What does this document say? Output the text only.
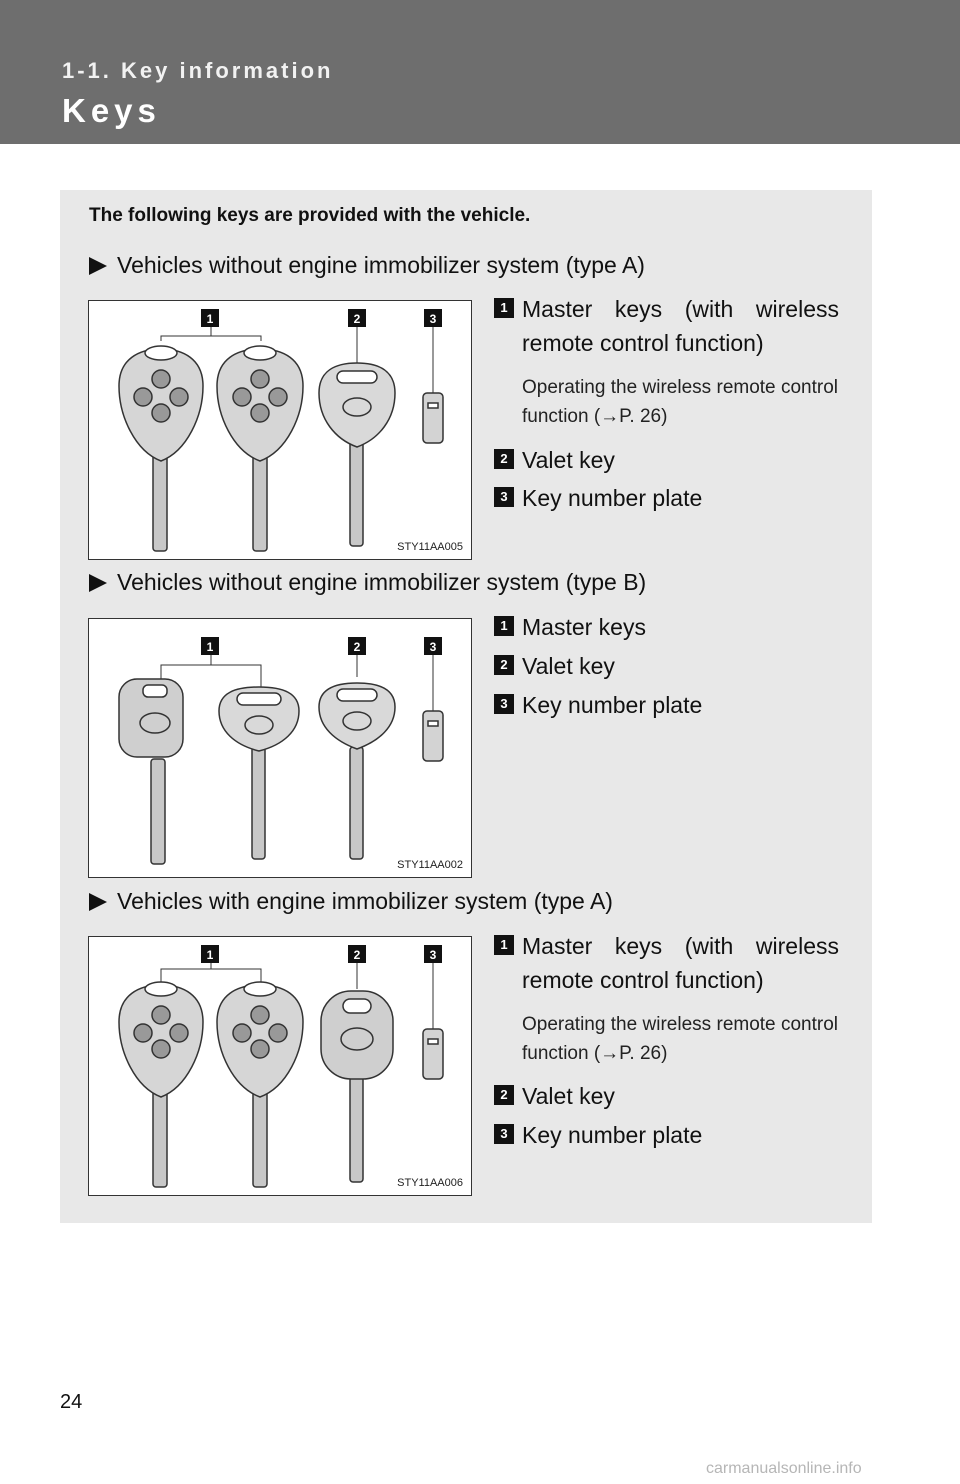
1-1. Key information
Keys
The following keys are provided with the vehicle.
Vehicles without engine immobilizer system (type A)
1	2	3
STY11AA005
1 Master keys (with wireless remote control function)
Operating the wireless remote control function (→P. 26)
2 Valet key
3 Key number plate
Vehicles without engine immobilizer system (type B)
1	2	3
STY11AA002
1 Master keys
2 Valet key
3 Key number plate
Vehicles with engine immobilizer system (type A)
1	2	3
STY11AA006
1 Master keys (with wireless remote control function)
Operating the wireless remote control function (→P. 26)
2 Valet key
3 Key number plate
24
carmanualsonline.info
